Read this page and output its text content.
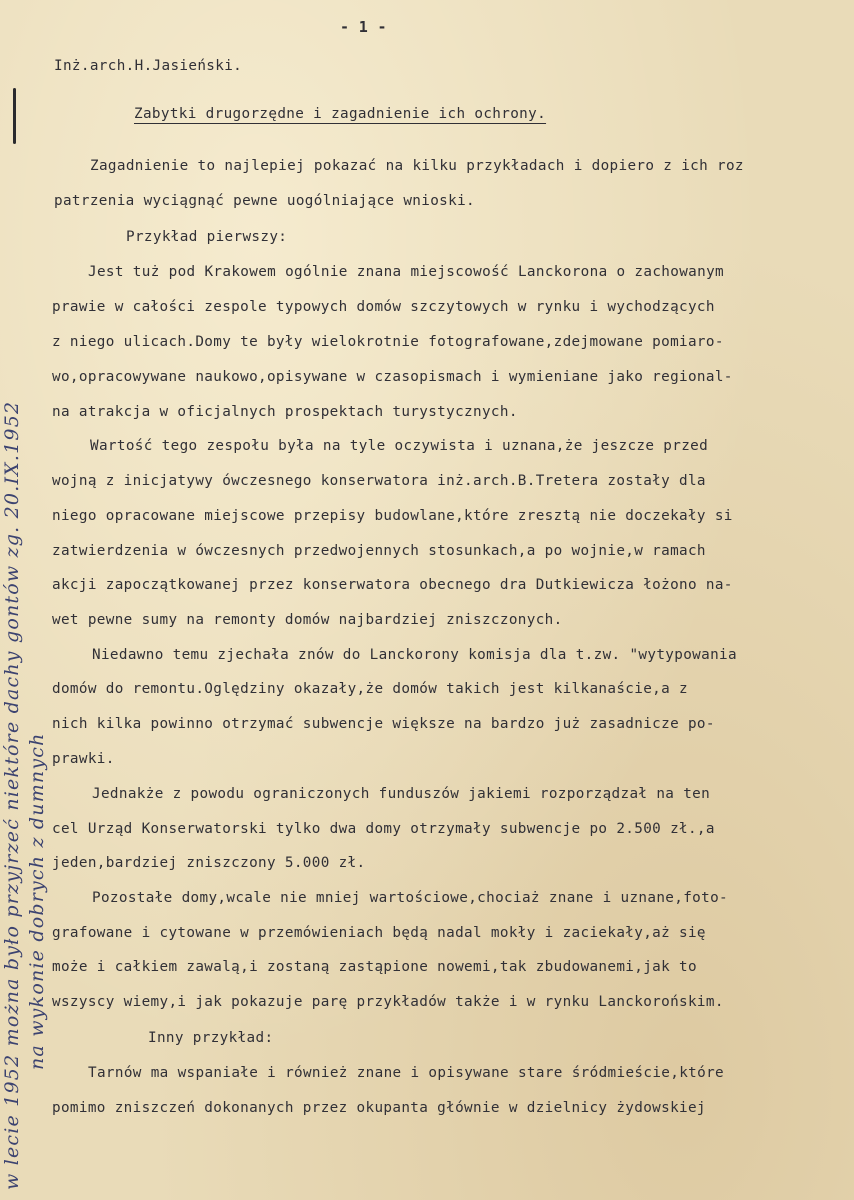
- 1 -
Inż.arch.H.Jasieński.
Zabytki drugorzędne i zagadnienie ich ochrony.
Zagadnienie to najlepiej pokazać na kilku przykładach i dopiero z ich roz
patrzenia wyciągnąć pewne uogólniające wnioski.
Przykład pierwszy:
Jest tuż pod Krakowem ogólnie znana miejscowość Lanckorona o zachowanym
prawie w całości zespole typowych domów szczytowych w rynku i wychodzących
z niego ulicach.Domy te były wielokrotnie fotografowane,zdejmowane pomiaro-
wo,opracowywane naukowo,opisywane w czasopismach i wymieniane jako regional-
na atrakcja w oficjalnych prospektach turystycznych.
Wartość tego zespołu była na tyle oczywista i uznana,że jeszcze przed
wojną z inicjatywy ówczesnego konserwatora inż.arch.B.Tretera zostały dla
niego opracowane miejscowe przepisy budowlane,które zresztą nie doczekały si
zatwierdzenia w ówczesnych przedwojennych stosunkach,a po wojnie,w ramach
akcji zapoczątkowanej przez konserwatora obecnego dra Dutkiewicza łożono na-
wet pewne sumy na remonty domów najbardziej zniszczonych.
Niedawno temu zjechała znów do Lanckorony komisja dla t.zw. "wytypowania
domów do remontu.Oględziny okazały,że domów takich jest kilkanaście,a z
nich kilka powinno otrzymać subwencje większe na bardzo już zasadnicze po-
prawki.
Jednakże z powodu ograniczonych funduszów jakiemi rozporządzał na ten
cel Urząd Konserwatorski tylko dwa domy otrzymały subwencje po 2.500 zł.,a
jeden,bardziej zniszczony 5.000 zł.
Pozostałe domy,wcale nie mniej wartościowe,chociaż znane i uznane,foto-
grafowane i cytowane w przemówieniach będą nadal mokły i zaciekały,aż się
może i całkiem zawalą,i zostaną zastąpione nowemi,tak zbudowanemi,jak to
wszyscy wiemy,i jak pokazuje parę przykładów także i w rynku Lanckorońskim.
Inny przykład:
Tarnów ma wspaniałe i również znane i opisywane stare śródmieście,które
pomimo zniszczeń dokonanych przez okupanta głównie w dzielnicy żydowskiej
w lecie 1952 można było przyjrzeć niektóre dachy gontów zg. 20.IX.1952 na wykonie dobrych z dumnych
